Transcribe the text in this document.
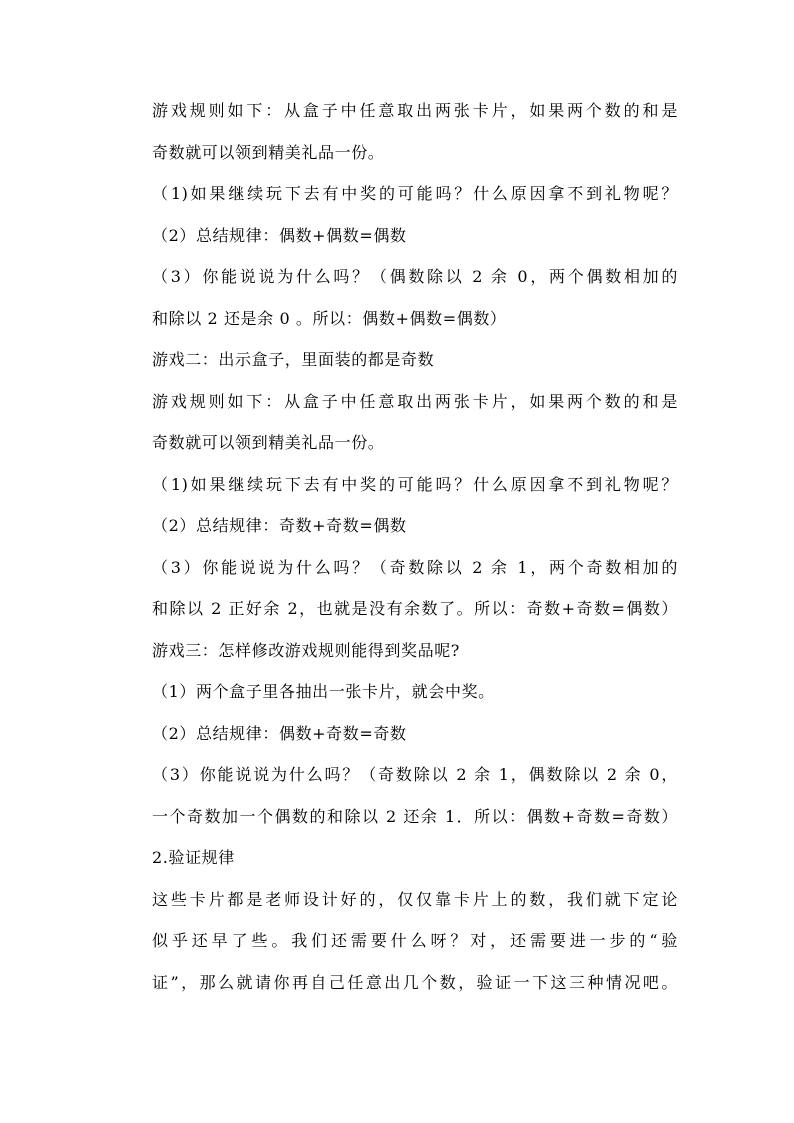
游戏规则如下：从盒子中任意取出两张卡片，如果两个数的和是
奇数就可以领到精美礼品一份。
（1)如果继续玩下去有中奖的可能吗？什么原因拿不到礼物呢？
（2）总结规律：偶数+偶数=偶数
（3）你能说说为什么吗？（偶数除以 2 余 0，两个偶数相加的
和除以 2 还是余 0 。所以：偶数+偶数=偶数）
游戏二：出示盒子，里面装的都是奇数
游戏规则如下：从盒子中任意取出两张卡片，如果两个数的和是
奇数就可以领到精美礼品一份。
（1)如果继续玩下去有中奖的可能吗？什么原因拿不到礼物呢？
（2）总结规律：奇数+奇数=偶数
（3）你能说说为什么吗？（奇数除以 2 余 1，两个奇数相加的
和除以 2 正好余 2，也就是没有余数了。所以：奇数+奇数=偶数）
游戏三：怎样修改游戏规则能得到奖品呢?
（1）两个盒子里各抽出一张卡片，就会中奖。
（2）总结规律：偶数+奇数=奇数
（3）你能说说为什么吗？（奇数除以 2 余 1，偶数除以 2 余 0，
一个奇数加一个偶数的和除以 2 还余 1．所以：偶数+奇数=奇数）
2.验证规律
这些卡片都是老师设计好的，仅仅靠卡片上的数，我们就下定论
似乎还早了些。我们还需要什么呀？对，还需要进一步的“验
证”，那么就请你再自己任意出几个数，验证一下这三种情况吧。
